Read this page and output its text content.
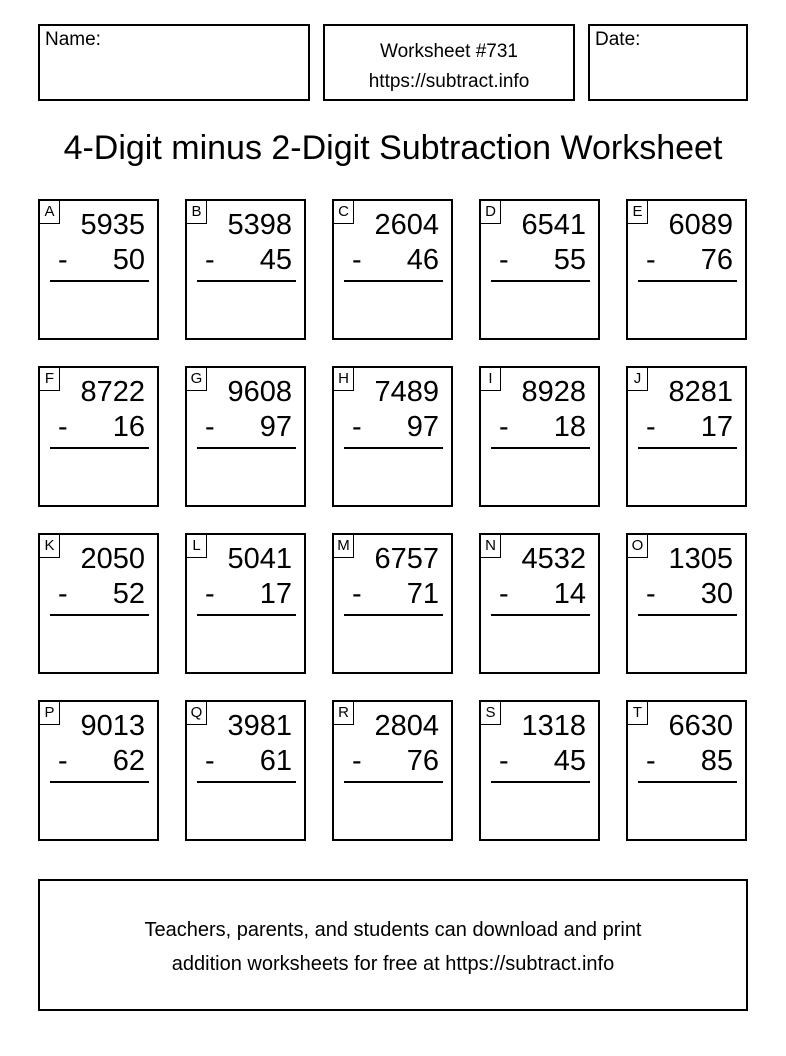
Name:
Worksheet #731
https://subtract.info
Date:
4-Digit minus 2-Digit Subtraction Worksheet
A 5935
- 50
B 5398
- 45
C 2604
- 46
D 6541
- 55
E 6089
- 76
F 8722
- 16
G 9608
- 97
H 7489
- 97
I 8928
- 18
J 8281
- 17
K 2050
- 52
L 5041
- 17
M 6757
- 71
N 4532
- 14
O 1305
- 30
P 9013
- 62
Q 3981
- 61
R 2804
- 76
S 1318
- 45
T 6630
- 85
Teachers, parents, and students can download and print
addition worksheets for free at https://subtract.info
